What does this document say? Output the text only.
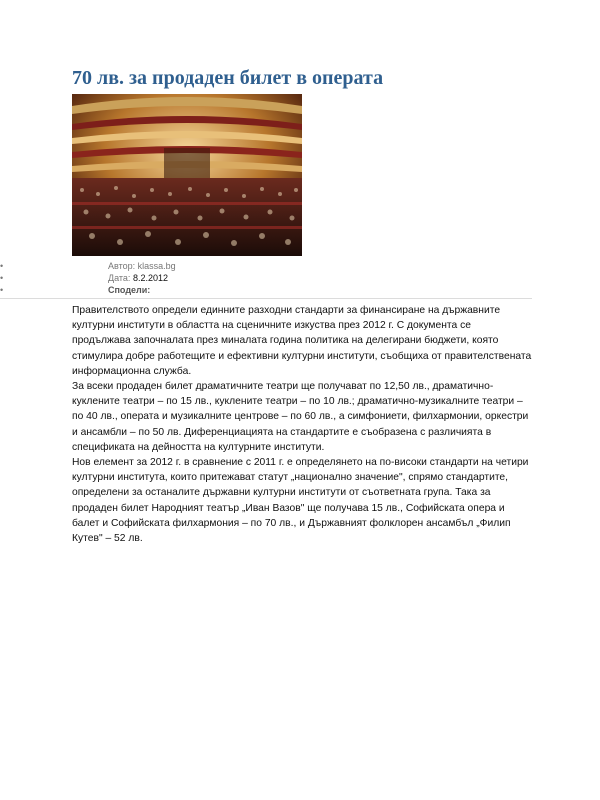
70 лв. за продаден билет в операта
• Автор: klassa.bg
• Дата: 8.2.2012
• Сподели:

Правителството определи единните разходни стандарти за финансиране на държавните културни институти в областта на сценичните изкуства през 2012 г. С документа се продължава започналата през миналата година политика на делегирани бюджети, която стимулира добре работещите и ефективни културни институти, съобщиха от правителствената информационна служба.

За всеки продаден билет драматичните театри ще получават по 12,50 лв., драматично-куклените театри – по 15 лв., куклените театри – по 10 лв.; драматично-музикалните театри – по 40 лв., операта и музикалните центрове – по 60 лв., а симфониети, филхармонии, оркестри и ансамбли – по 50 лв. Диференциацията на стандартите е съобразена с различията в спецификата на дейността на културните институти.

Нов елемент за 2012 г. в сравнение с 2011 г. е определянето на по-високи стандарти на четири културни института, които притежават статут „национално значение", спрямо стандартите, определени за останалите държавни културни институти от съответната група. Така за продаден билет Народният театър „Иван Вазов" ще получава 15 лв., Софийската опера и балет и Софийската филхармония – по 70 лв., и Държавният фолклорен ансамбъл „Филип Кутев" – 52 лв.
